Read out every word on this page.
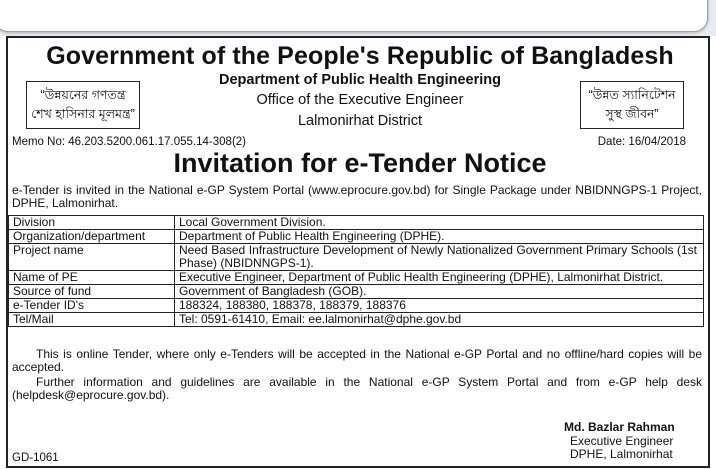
Government of the People's Republic of Bangladesh
“উন্নয়নের গণতন্ত্র
শেখ হাসিনার মূলমন্ত্র”
Department of Public Health Engineering
Office of the Executive Engineer
Lalmonirhat District
“উন্নত স্যানিটেশন
সুস্থ জীবন”
Memo No: 46.203.5200.061.17.055.14-308(2)	Date: 16/04/2018
Invitation for e-Tender Notice
e-Tender is invited in the National e-GP System Portal (www.eprocure.gov.bd) for Single Package under NBIDNNGPS-1 Project, DPHE, Lalmonirhat.
Division	Local Government Division.
Organization/department	Department of Public Health Engineering (DPHE).
Project name	Need Based Infrastructure Development of Newly Nationalized Government Primary Schools (1st Phase) (NBIDNNGPS-1).
Name of PE	Executive Engineer, Department of Public Health Engineering (DPHE), Lalmonirhat District.
Source of fund	Government of Bangladesh (GOB).
e-Tender ID's	188324, 188380, 188378, 188379, 188376
Tel/Mail	Tel: 0591-61410, Email: ee.lalmonirhat@dphe.gov.bd
This is online Tender, where only e-Tenders will be accepted in the National e-GP Portal and no offline/hard copies will be accepted.
Further information and guidelines are available in the National e-GP System Portal and from e-GP help desk (helpdesk@eprocure.gov.bd).
Md. Bazlar Rahman
Executive Engineer
DPHE, Lalmonirhat
GD-1061
